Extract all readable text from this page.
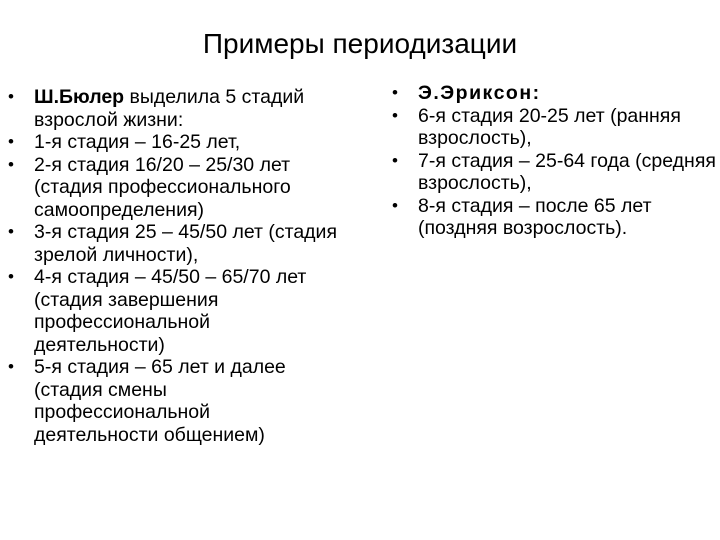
Примеры периодизации
•	Ш.Бюлер выделила 5 стадий взрослой жизни:
•	1-я стадия – 16-25 лет,
•	2-я стадия 16/20 – 25/30 лет (стадия профессионального самоопределения)
•	3-я стадия 25 – 45/50 лет (стадия зрелой личности),
•	4-я стадия – 45/50 – 65/70 лет (стадия завершения профессиональной деятельности)
•	5-я стадия – 65 лет и далее (стадия смены профессиональной деятельности общением)
•	Э.Эриксон:
•	6-я стадия 20-25 лет (ранняя взрослость),
•	7-я стадия – 25-64 года (средняя взрослость),
•	8-я стадия – после 65 лет (поздняя возрослость).
